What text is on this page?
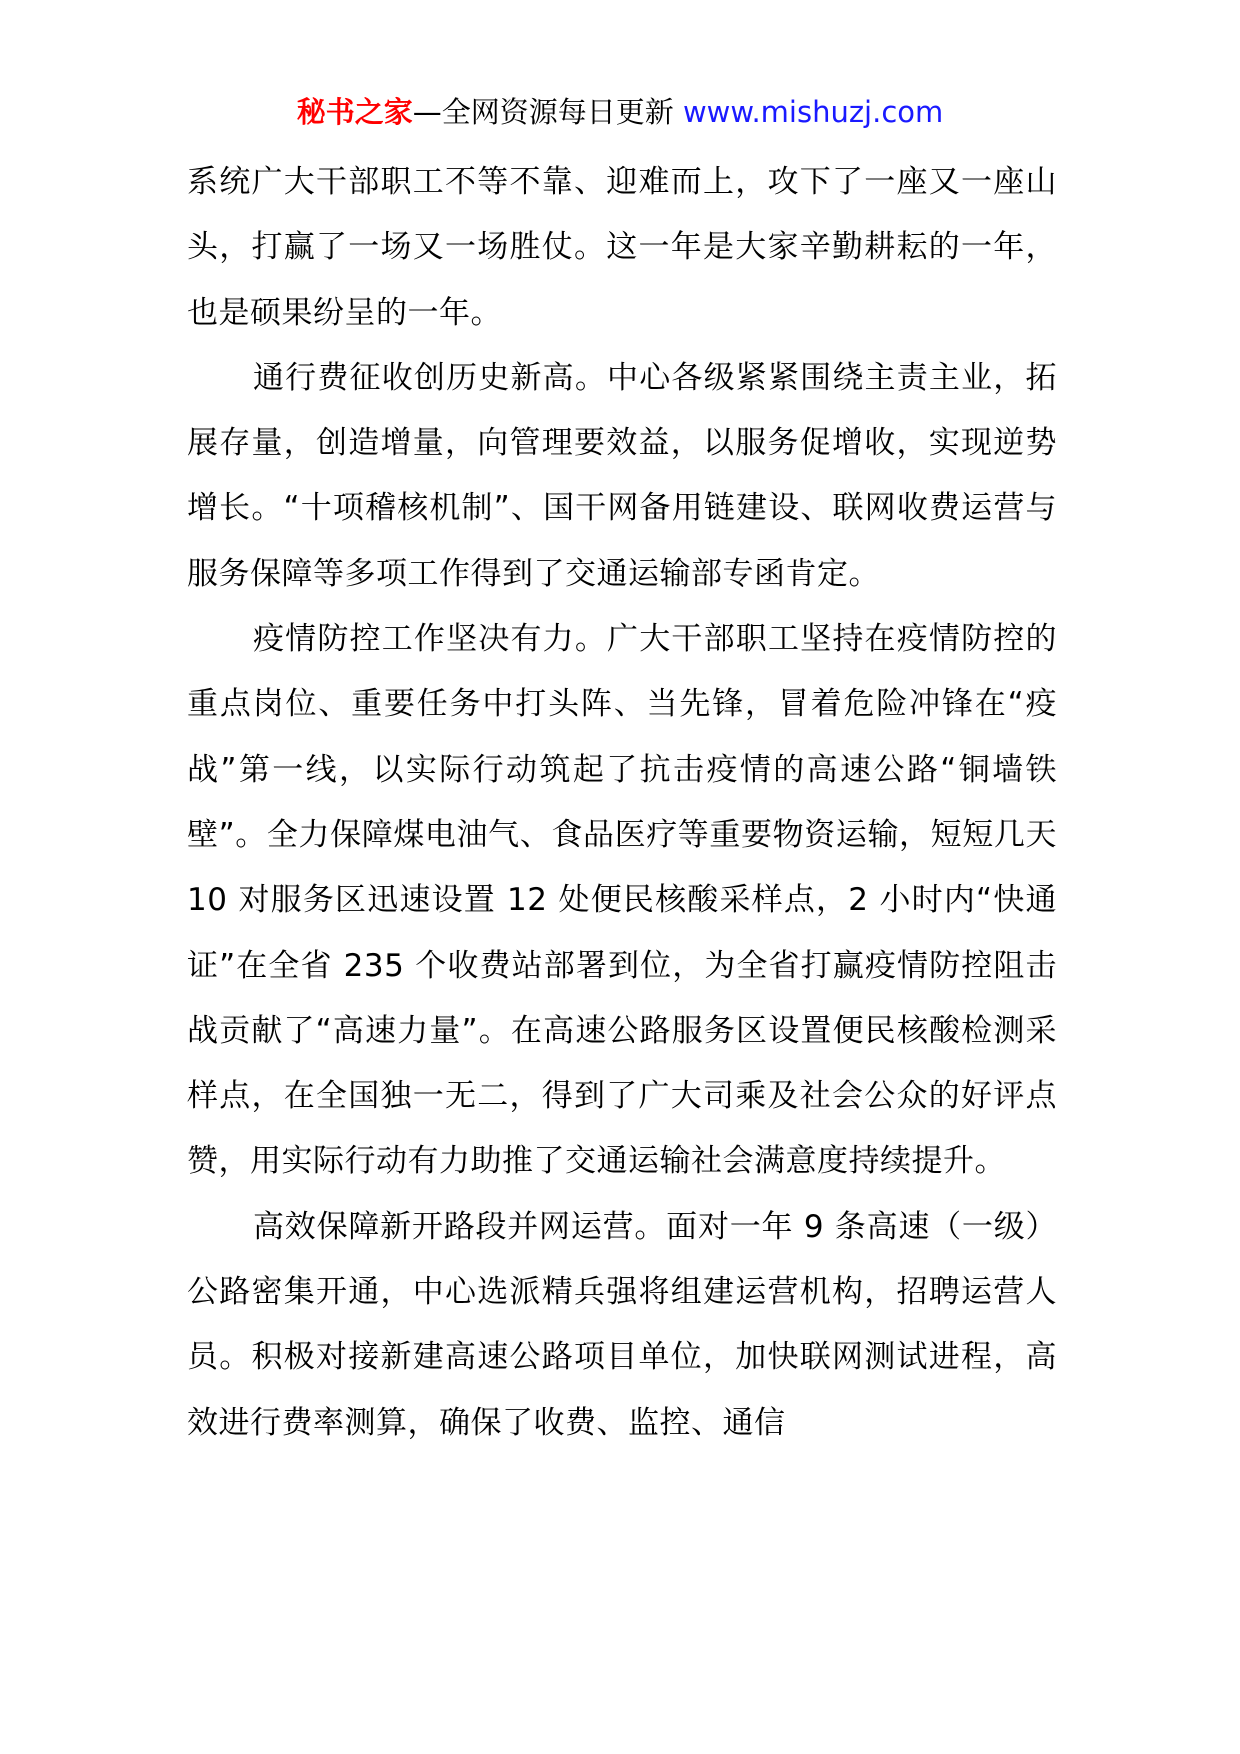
秘书之家—全网资源每日更新 www.mishuzj.com

系统广大干部职工不等不靠、迎难而上，攻下了一座又一座山头，打赢了一场又一场胜仗。这一年是大家辛勤耕耘的一年，也是硕果纷呈的一年。

通行费征收创历史新高。中心各级紧紧围绕主责主业，拓展存量，创造增量，向管理要效益，以服务促增收，实现逆势增长。“十项稽核机制”、国干网备用链建设、联网收费运营与服务保障等多项工作得到了交通运输部专函肯定。

疫情防控工作坚决有力。广大干部职工坚持在疫情防控的重点岗位、重要任务中打头阵、当先锋，冒着危险冲锋在“疫战”第一线，以实际行动筑起了抗击疫情的高速公路“铜墙铁壁”。全力保障煤电油气、食品医疗等重要物资运输，短短几天 10 对服务区迅速设置 12 处便民核酸采样点，2 小时内“快通证”在全省 235 个收费站部署到位，为全省打赢疫情防控阻击战贡献了“高速力量”。在高速公路服务区设置便民核酸检测采样点，在全国独一无二，得到了广大司乘及社会公众的好评点赞，用实际行动有力助推了交通运输社会满意度持续提升。

高效保障新开路段并网运营。面对一年 9 条高速（一级）公路密集开通，中心选派精兵强将组建运营机构，招聘运营人员。积极对接新建高速公路项目单位，加快联网测试进程，高效进行费率测算，确保了收费、监控、通信
